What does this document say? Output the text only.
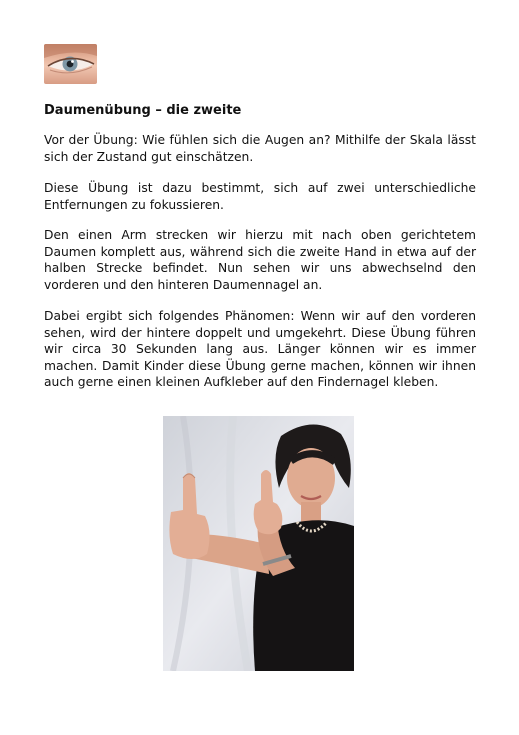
Daumenübung – die zweite

Vor der Übung: Wie fühlen sich die Augen an? Mithilfe der Skala lässt sich der Zustand gut einschätzen.

Diese Übung ist dazu bestimmt, sich auf zwei unterschiedliche Entfernungen zu fokussieren.

Den einen Arm strecken wir hierzu mit nach oben gerichtetem Daumen komplett aus, während sich die zweite Hand in etwa auf der halben Strecke befindet. Nun sehen wir uns abwechselnd den vorderen und den hinteren Daumennagel an.

Dabei ergibt sich folgendes Phänomen: Wenn wir auf den vorderen sehen, wird der hintere doppelt und umgekehrt. Diese Übung führen wir circa 30 Sekunden lang aus. Länger können wir es immer machen. Damit Kinder diese Übung gerne machen, können wir ihnen auch gerne einen kleinen Aufkleber auf den Findernagel kleben.
